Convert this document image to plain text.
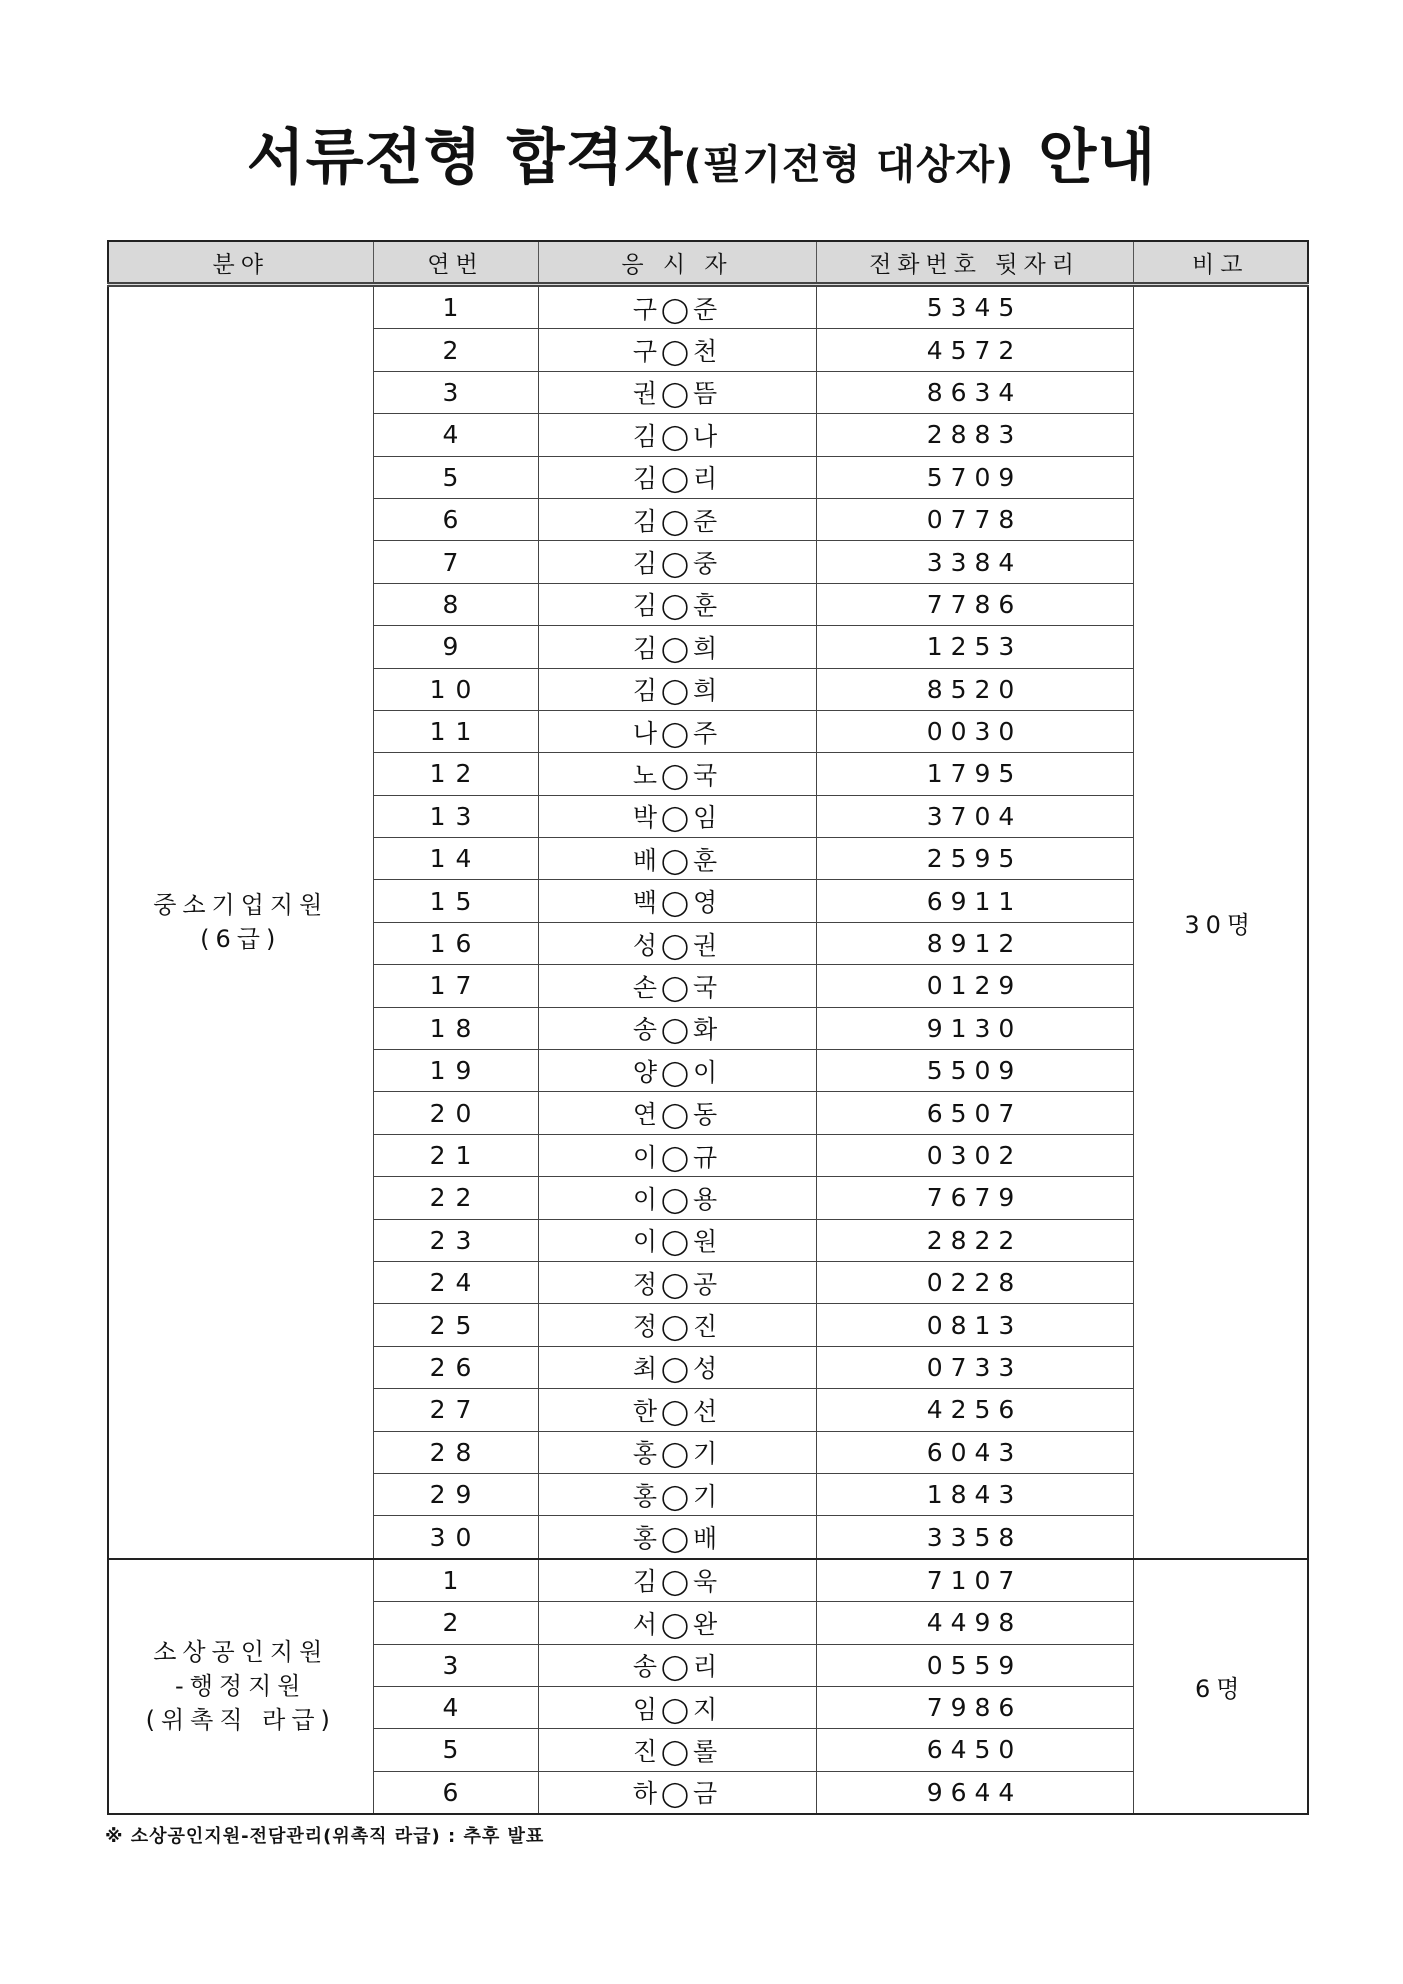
서류전형 합격자(필기전형 대상자) 안내
분야	연번	응 시 자	전화번호 뒷자리	비고

중소기업지원
(6급)	1	구◯준	5345	30명
	2	구◯천	4572	
	3	권◯뜸	8634	
	4	김◯나	2883	
	5	김◯리	5709	
	6	김◯준	0778	
	7	김◯중	3384	
	8	김◯훈	7786	
	9	김◯희	1253	
	10	김◯희	8520	
	11	나◯주	0030	
	12	노◯국	1795	
	13	박◯임	3704	
	14	배◯훈	2595	
	15	백◯영	6911	
	16	성◯권	8912	
	17	손◯국	0129	
	18	송◯화	9130	
	19	양◯이	5509	
	20	연◯동	6507	
	21	이◯규	0302	
	22	이◯용	7679	
	23	이◯원	2822	
	24	정◯공	0228	
	25	정◯진	0813	
	26	최◯성	0733	
	27	한◯선	4256	
	28	홍◯기	6043	
	29	홍◯기	1843	
	30	홍◯배	3358	

소상공인지원
-행정지원
(위촉직 라급)	1	김◯욱	7107	6명
	2	서◯완	4498	
	3	송◯리	0559	
	4	임◯지	7986	
	5	진◯롤	6450	
	6	하◯금	9644	
※ 소상공인지원-전담관리(위촉직 라급) : 추후 발표
